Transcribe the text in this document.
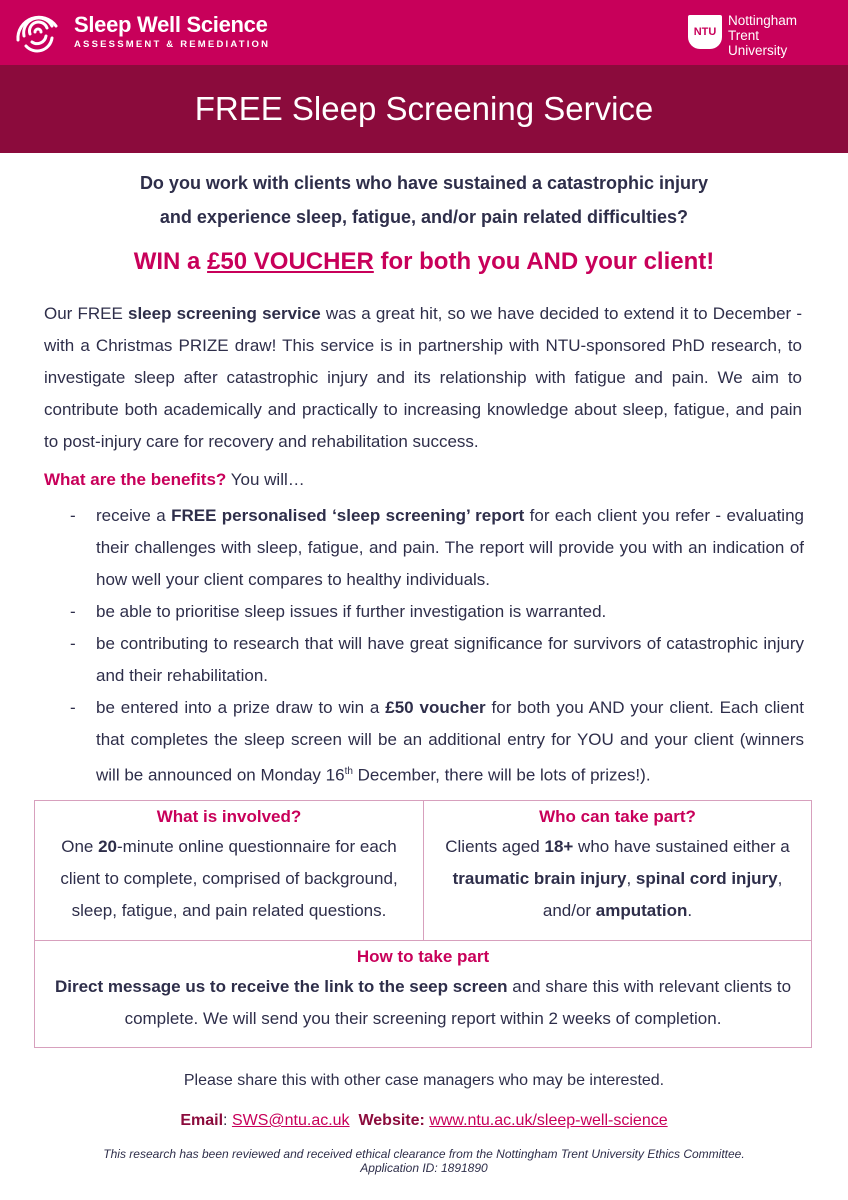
Sleep Well Science
ASSESSMENT & REMEDIATION
NTU
Nottingham Trent
University
FREE Sleep Screening Service
Do you work with clients who have sustained a catastrophic injury
and experience sleep, fatigue, and/or pain related difficulties?
WIN a £50 VOUCHER for both you AND your client!
Our FREE sleep screening service was a great hit, so we have decided to extend it to December - with a Christmas PRIZE draw! This service is in partnership with NTU-sponsored PhD research, to investigate sleep after catastrophic injury and its relationship with fatigue and pain. We aim to contribute both academically and practically to increasing knowledge about sleep, fatigue, and pain to post-injury care for recovery and rehabilitation success.
What are the benefits? You will…
- receive a FREE personalised ‘sleep screening’ report for each client you refer - evaluating their challenges with sleep, fatigue, and pain. The report will provide you with an indication of how well your client compares to healthy individuals.
- be able to prioritise sleep issues if further investigation is warranted.
- be contributing to research that will have great significance for survivors of catastrophic injury and their rehabilitation.
- be entered into a prize draw to win a £50 voucher for both you AND your client. Each client that completes the sleep screen will be an additional entry for YOU and your client (winners will be announced on Monday 16th December, there will be lots of prizes!).
What is involved?
One 20-minute online questionnaire for each client to complete, comprised of background, sleep, fatigue, and pain related questions.
Who can take part?
Clients aged 18+ who have sustained either a traumatic brain injury, spinal cord injury, and/or amputation.
How to take part
Direct message us to receive the link to the seep screen and share this with relevant clients to complete. We will send you their screening report within 2 weeks of completion.
Please share this with other case managers who may be interested.
Email: SWS@ntu.ac.uk Website: www.ntu.ac.uk/sleep-well-science
This research has been reviewed and received ethical clearance from the Nottingham Trent University Ethics Committee.
Application ID: 1891890
